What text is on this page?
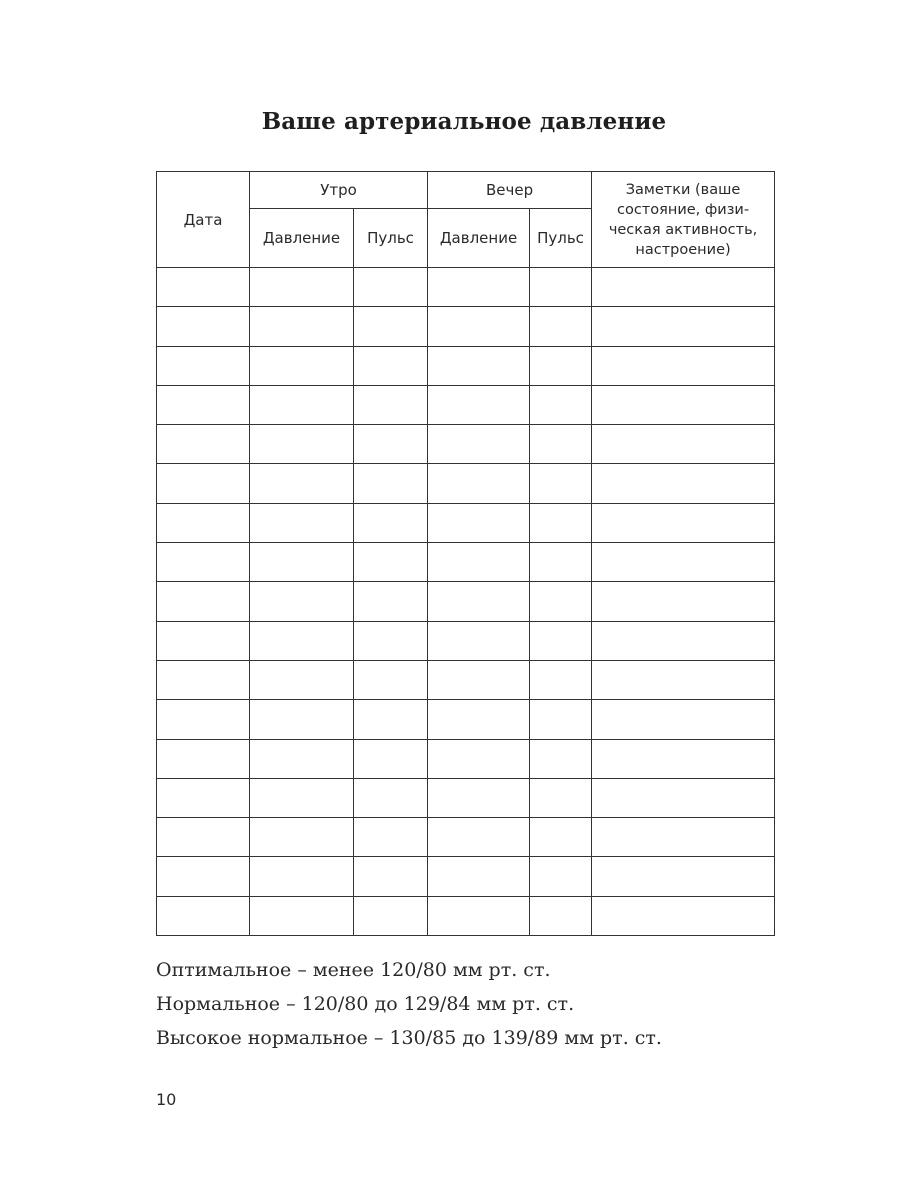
Ваше артериальное давление
Дата	Утро		Вечер		Заметки (ваше
состояние, физи-
ческая активность,
настроение)

	Давление	Пульс	Давление	Пульс	

Оптимальное – менее 120/80 мм рт. ст.
Нормальное – 120/80 до 129/84 мм рт. ст.
Высокое нормальное – 130/85 до 139/89 мм рт. ст.
10
